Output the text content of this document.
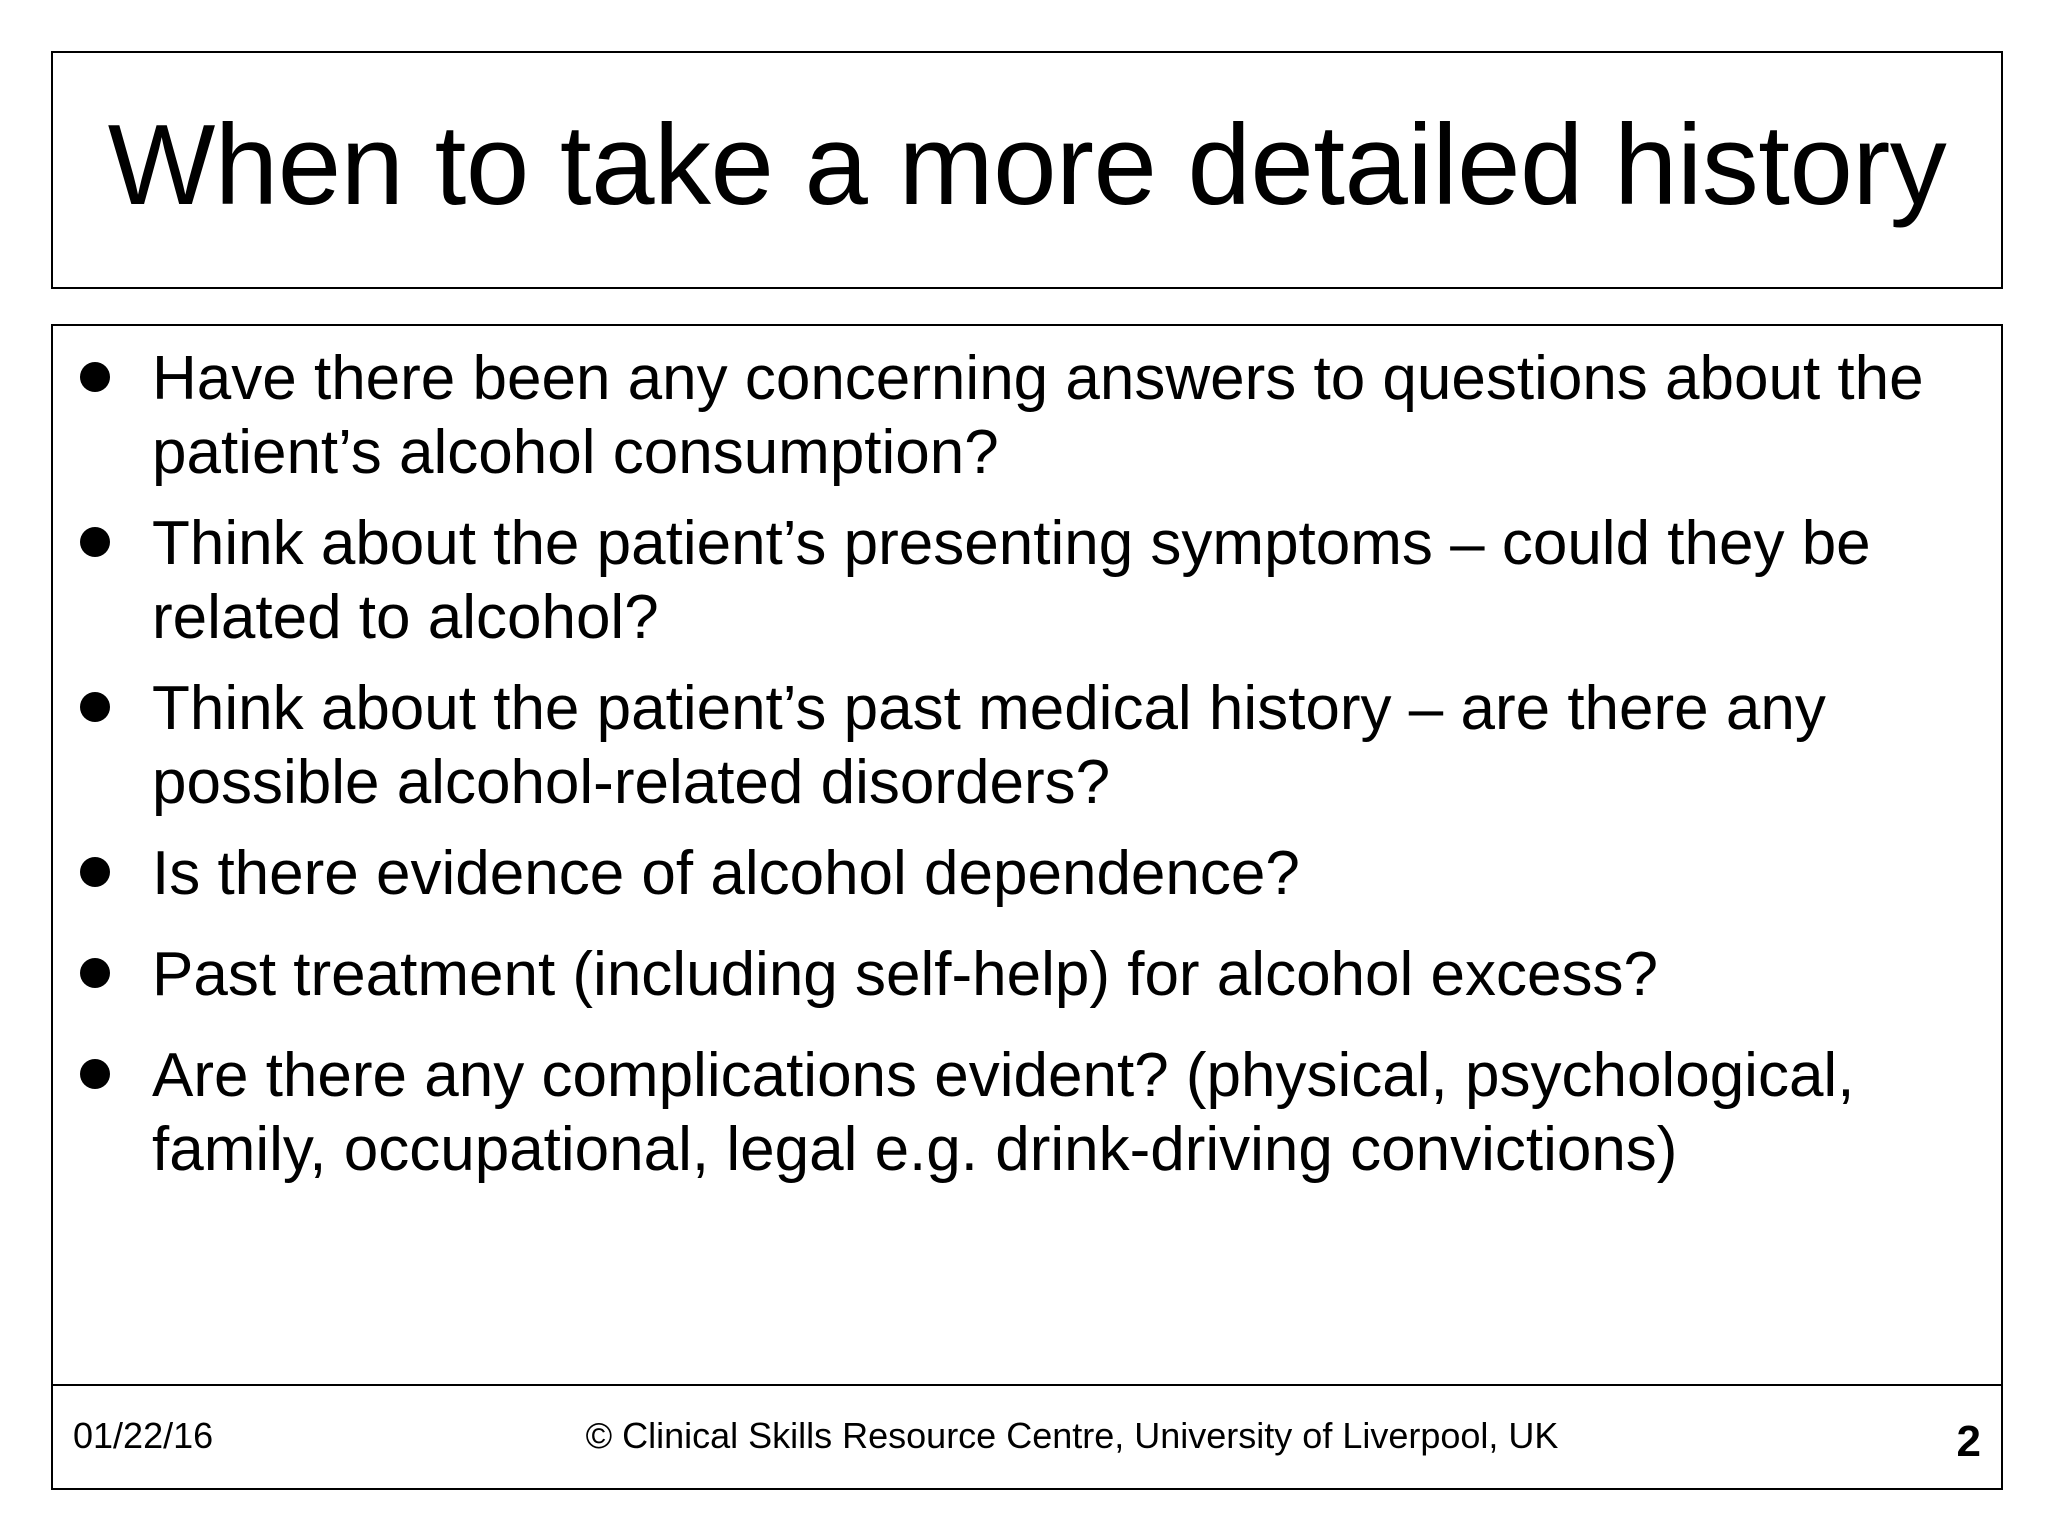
When to take a more detailed history
Have there been any concerning answers to questions about the patient’s alcohol consumption?
Think about the patient’s presenting symptoms – could they be related to alcohol?
Think about the patient’s past medical history – are there any possible alcohol-related disorders?
Is there evidence of alcohol dependence?
Past treatment (including self-help) for alcohol excess?
Are there any complications evident? (physical, psychological, family, occupational, legal e.g. drink-driving convictions)
01/22/16	© Clinical Skills Resource Centre, University of Liverpool, UK	2
